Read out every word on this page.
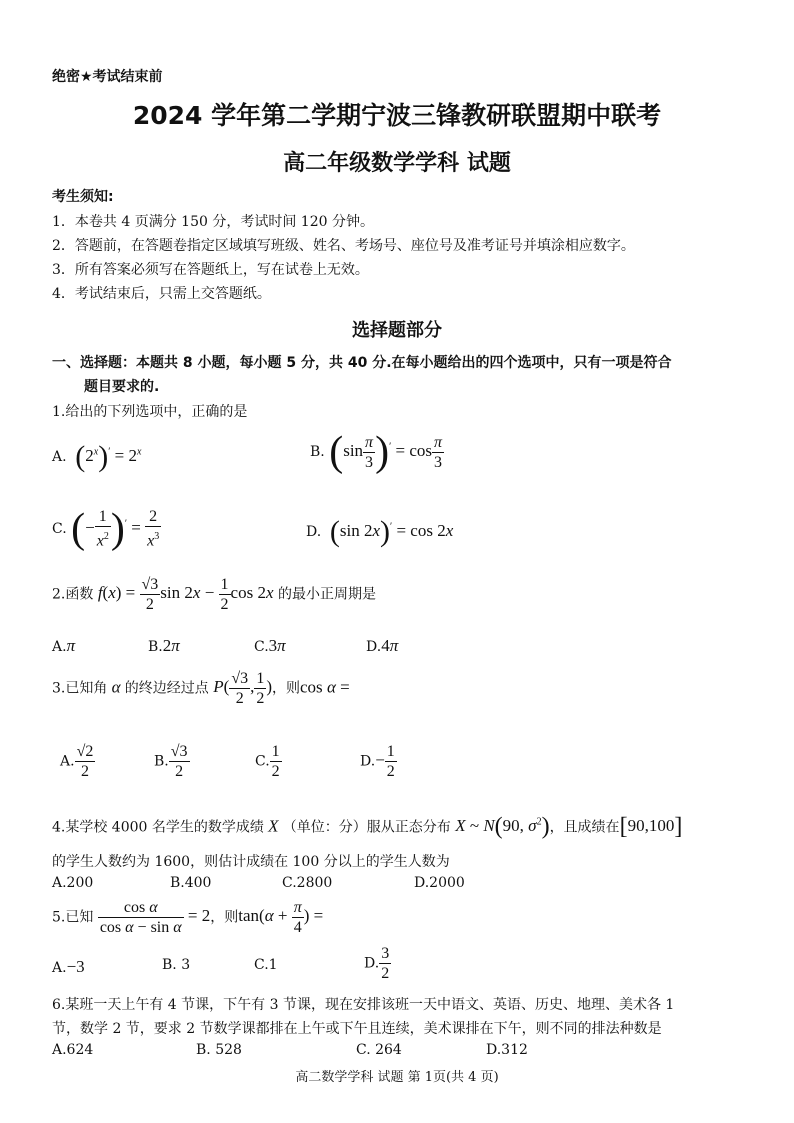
绝密★考试结束前
2024 学年第二学期宁波三锋教研联盟期中联考
高二年级数学学科 试题
考生须知:
1．本卷共 4 页满分 150 分，考试时间 120 分钟。
2．答题前，在答题卷指定区域填写班级、姓名、考场号、座位号及准考证号并填涂相应数字。
3．所有答案必须写在答题纸上，写在试卷上无效。
4．考试结束后，只需上交答题纸。
选择题部分
一、选择题：本题共 8 小题，每小题 5 分，共 40 分.在每小题给出的四个选项中，只有一项是符合
题目要求的.
1.给出的下列选项中，正确的是
A. $(2^x)' = 2^x$	B. $(\sin \frac{\pi}{3} )' = \cos \frac{\pi}{3}$
C. (− $\frac{1}{x^2} )' = \frac{2}{x^3}$	D. (sin 2x)′ = cos 2x
2.函数 $f(x) = \frac{√3}{2}$ $\sin 2x - \frac{1}{2}$ cos 2x 的最小正周期是
A.π	B.2π	C.3π	D.4π
3.已知角 α 的终边经过点 $P( \frac{√3}{2}$ , $\frac{1}{2}$ )，则cos α =
A. $\frac{√2}{2}$	B. $\frac{√3}{2}$	C. $\frac{1}{2}$	$D.- \frac{1}{2}$
4.某学校 4000 名学生的数学成绩 X （单位：分）服从正态分布 X ~ N(90, $\sigma^2$)，且成绩在[90,100]
的学生人数约为 1600，则估计成绩在 100 分以上的学生人数为
A.200	B.400	C.2800	D.2000
5.已知 $\frac{\text{cos α}}{\text{cos α − sin α}} = 2$，则$\tan(\alpha + \frac{\pi}{4}$ ) =
A.−3	B. 3	C.1	D. $\frac{3}{2}$
6.某班一天上午有 4 节课，下午有 3 节课，现在安排该班一天中语文、英语、历史、地理、美术各 1
节，数学 2 节，要求 2 节数学课都排在上午或下午且连续，美术课排在下午，则不同的排法种数是
A.624	B. 528	C. 264	D.312
高二数学学科 试题 第 1页(共 4 页)
